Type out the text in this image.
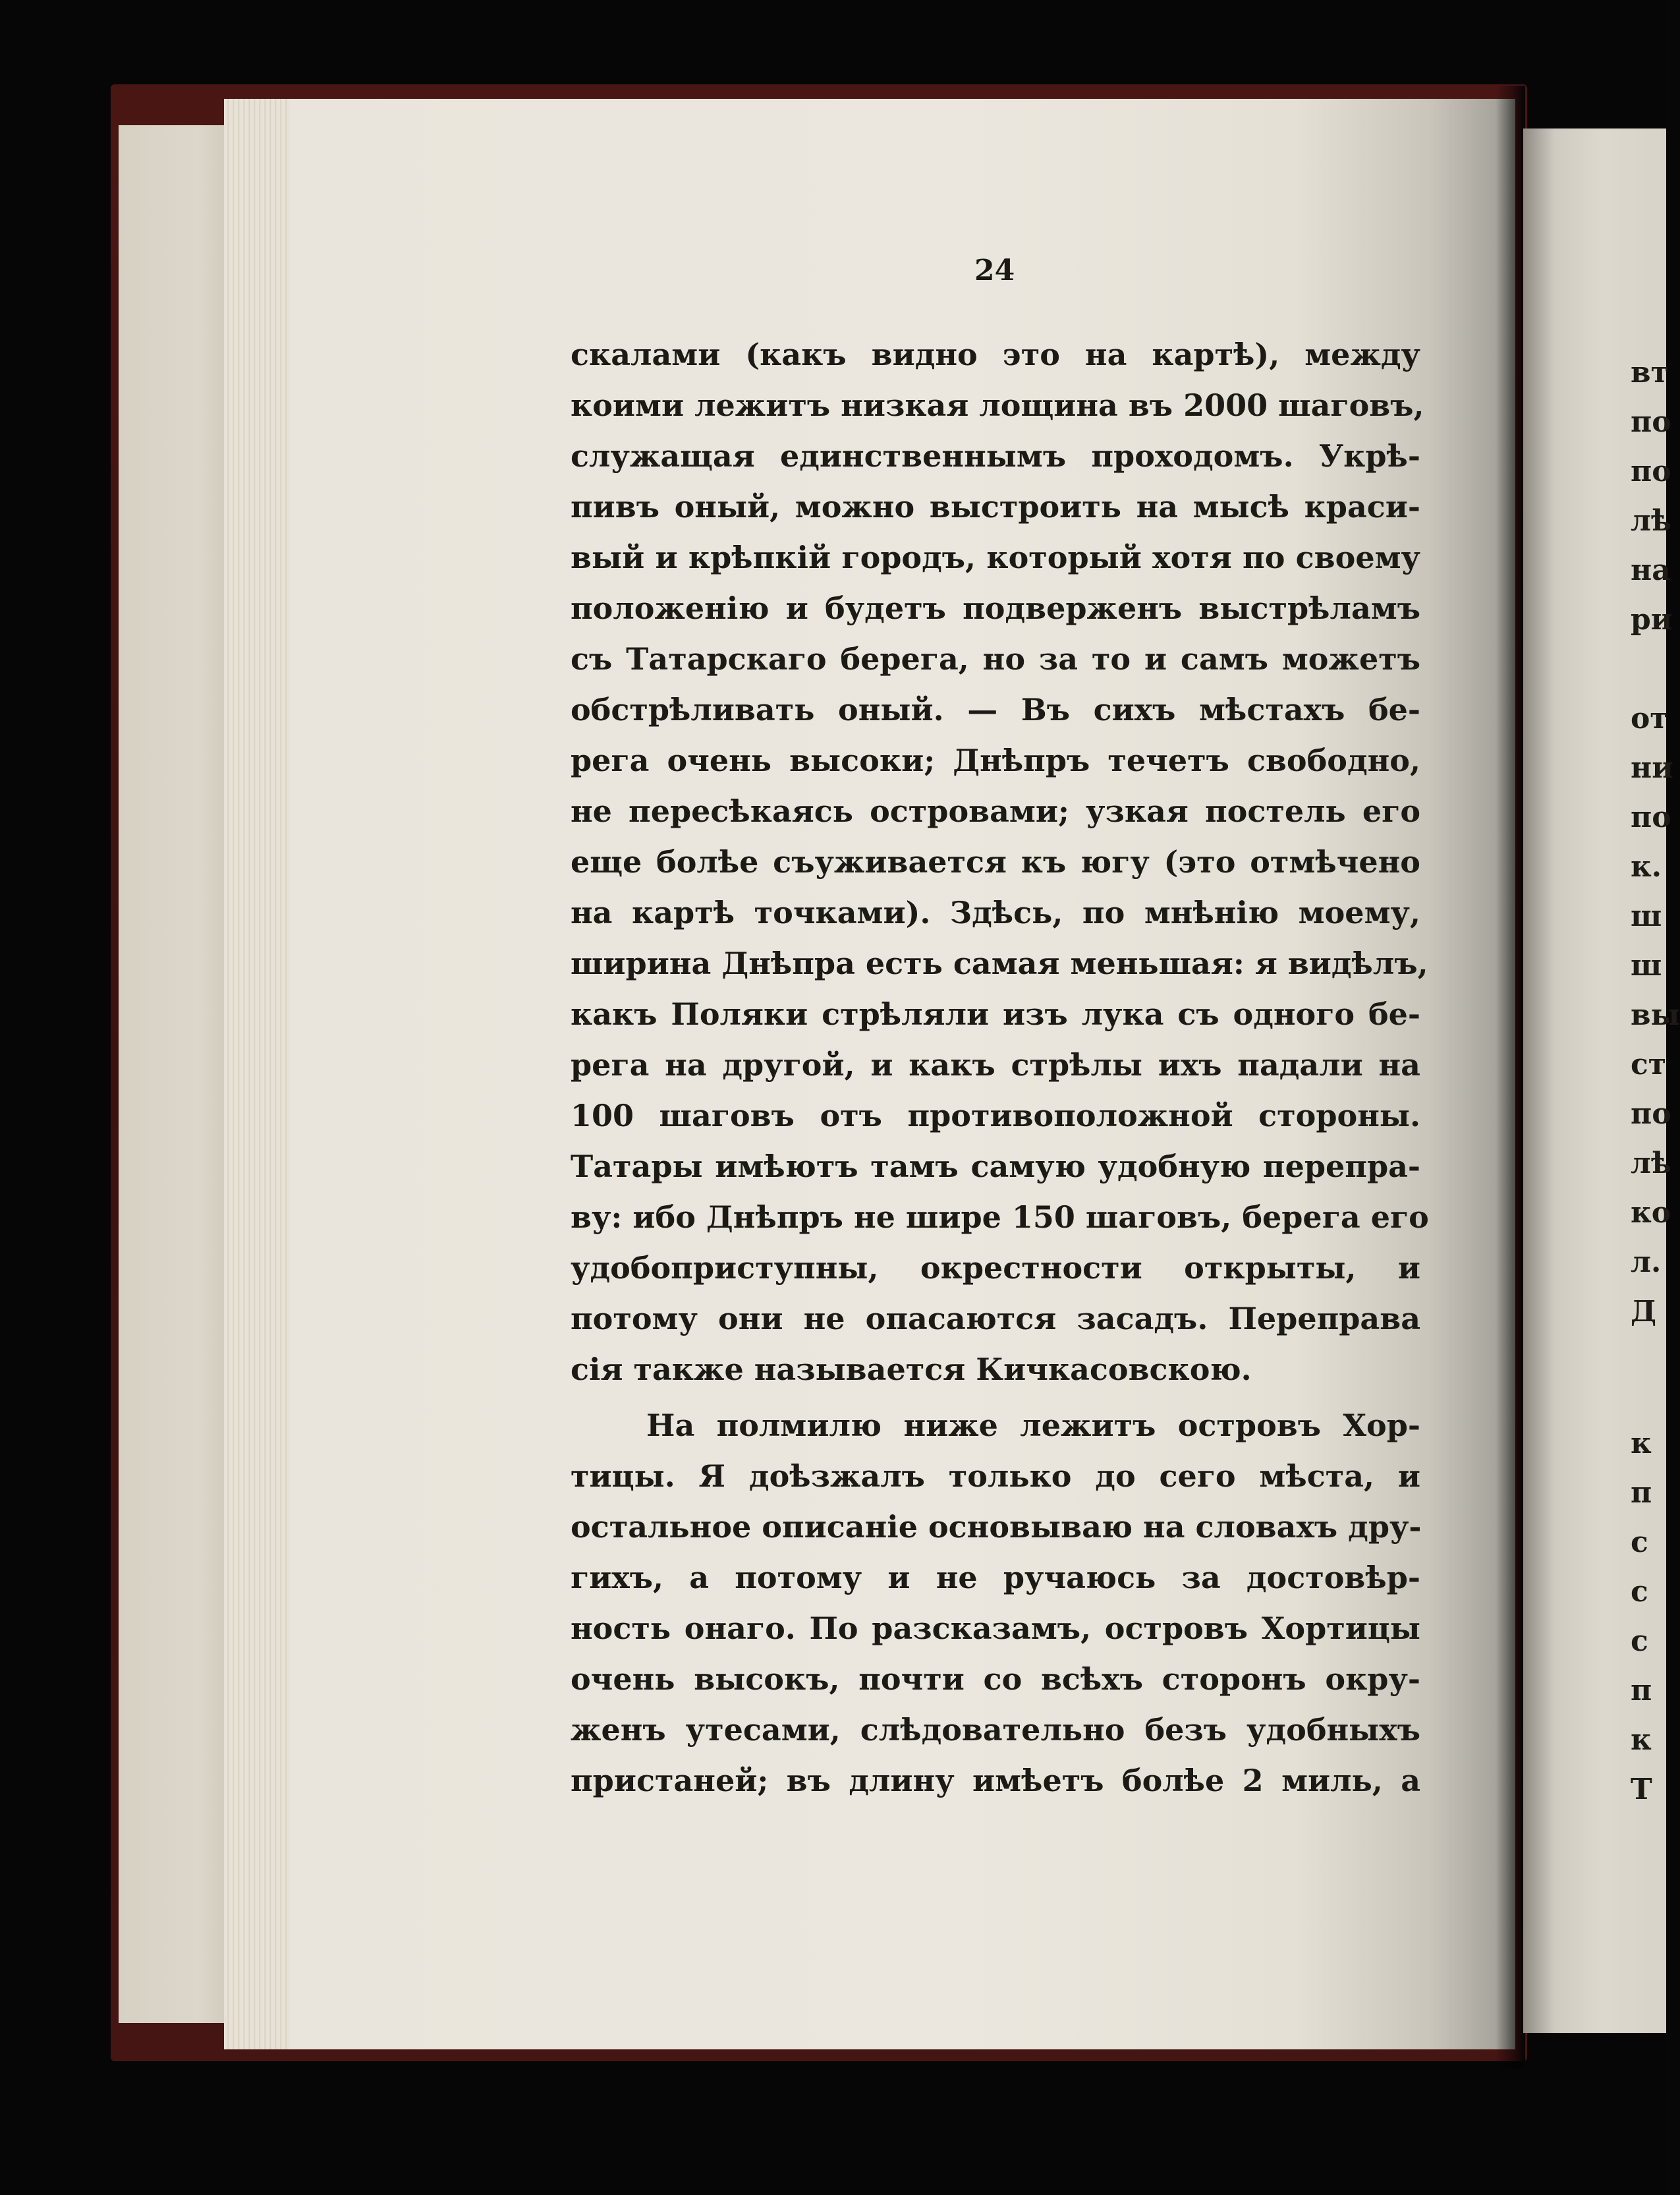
24
скалами (какъ видно это на картѣ), между
коими лежитъ низкая лощина въ 2000 шаговъ,
служащая единственнымъ проходомъ. Укрѣ-
пивъ оный, можно выстроить на мысѣ краси-
вый и крѣпкій городъ, который хотя по своему
положенію и будетъ подверженъ выстрѣламъ
съ Татарскаго берега, но за то и самъ можетъ
обстрѣливать оный. — Въ сихъ мѣстахъ бе-
рега очень высоки; Днѣпръ течетъ свободно,
не пересѣкаясь островами; узкая постель его
еще болѣе съуживается къ югу (это отмѣчено
на картѣ точками). Здѣсь, по мнѣнію моему,
ширина Днѣпра есть самая меньшая: я видѣлъ,
какъ Поляки стрѣляли изъ лука съ одного бе-
рега на другой, и какъ стрѣлы ихъ падали на
100 шаговъ отъ противоположной стороны.
Татары имѣютъ тамъ самую удобную перепра-
ву: ибо Днѣпръ не шире 150 шаговъ, берега его
удобоприступны, окрестности открыты, и
потому они не опасаются засадъ. Переправа
сія также называется Кичкасовскою.
На полмилю ниже лежитъ островъ Хор-
тицы. Я доѣзжалъ только до сего мѣста, и
остальное описаніе основываю на словахъ дру-
гихъ, а потому и не ручаюсь за достовѣр-
ность онаго. По разсказамъ, островъ Хортицы
очень высокъ, почти со всѣхъ сторонъ окру-
женъ утесами, слѣдовательно безъ удобныхъ
пристаней; въ длину имѣетъ болѣе 2 миль, а
вт
по
по
лѣ
на
ри
от
ни
по
к.
ш
ш
вы
ст
по
лѣ
ко
л.
Д
к
п
с
с
с
п
к
Т
